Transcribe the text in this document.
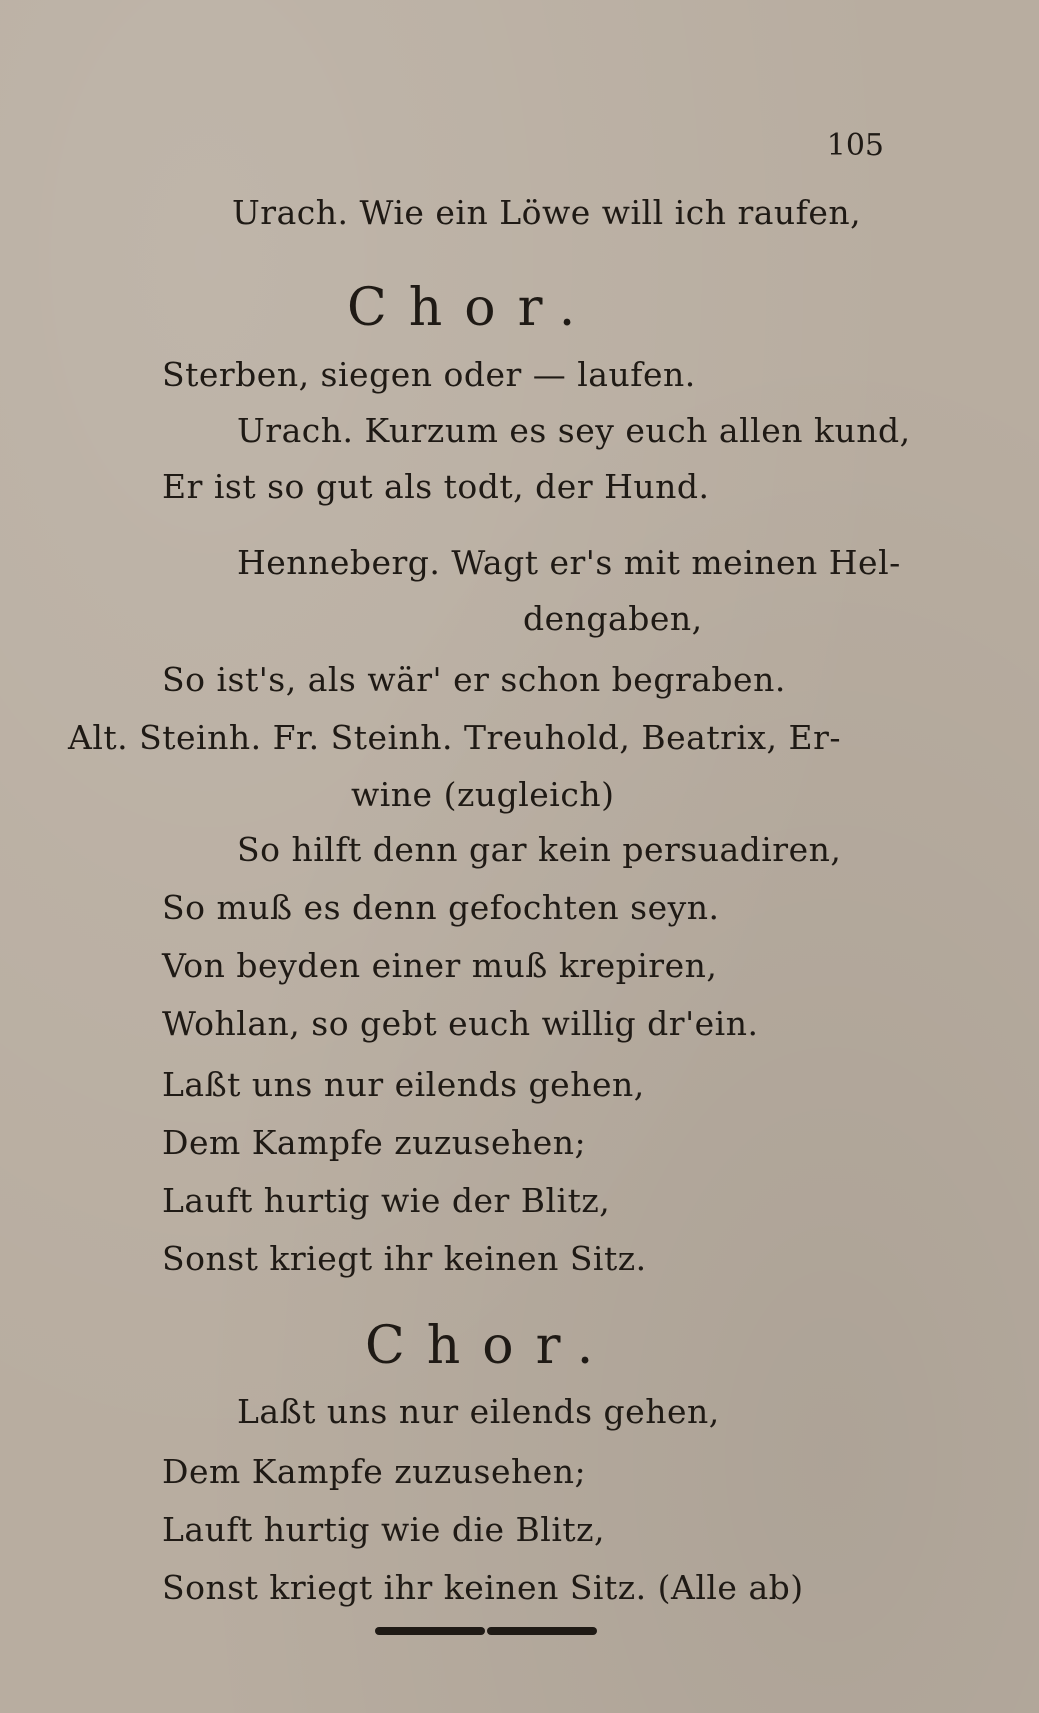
105
Urach. Wie ein Löwe will ich raufen,
Chor.
Sterben, siegen oder — laufen.
Urach. Kurzum es sey euch allen kund,
Er ist so gut als todt, der Hund.
Henneberg. Wagt er's mit meinen Hel-
dengaben,
So ist's, als wär' er schon begraben.
Alt. Steinh. Fr. Steinh. Treuhold, Beatrix, Er-
wine (zugleich)
So hilft denn gar kein persuadiren,
So muß es denn gefochten seyn.
Von beyden einer muß krepiren,
Wohlan, so gebt euch willig dr'ein.
Laßt uns nur eilends gehen,
Dem Kampfe zuzusehen;
Lauft hurtig wie der Blitz,
Sonst kriegt ihr keinen Sitz.
Chor.
Laßt uns nur eilends gehen,
Dem Kampfe zuzusehen;
Lauft hurtig wie die Blitz,
Sonst kriegt ihr keinen Sitz. (Alle ab)
